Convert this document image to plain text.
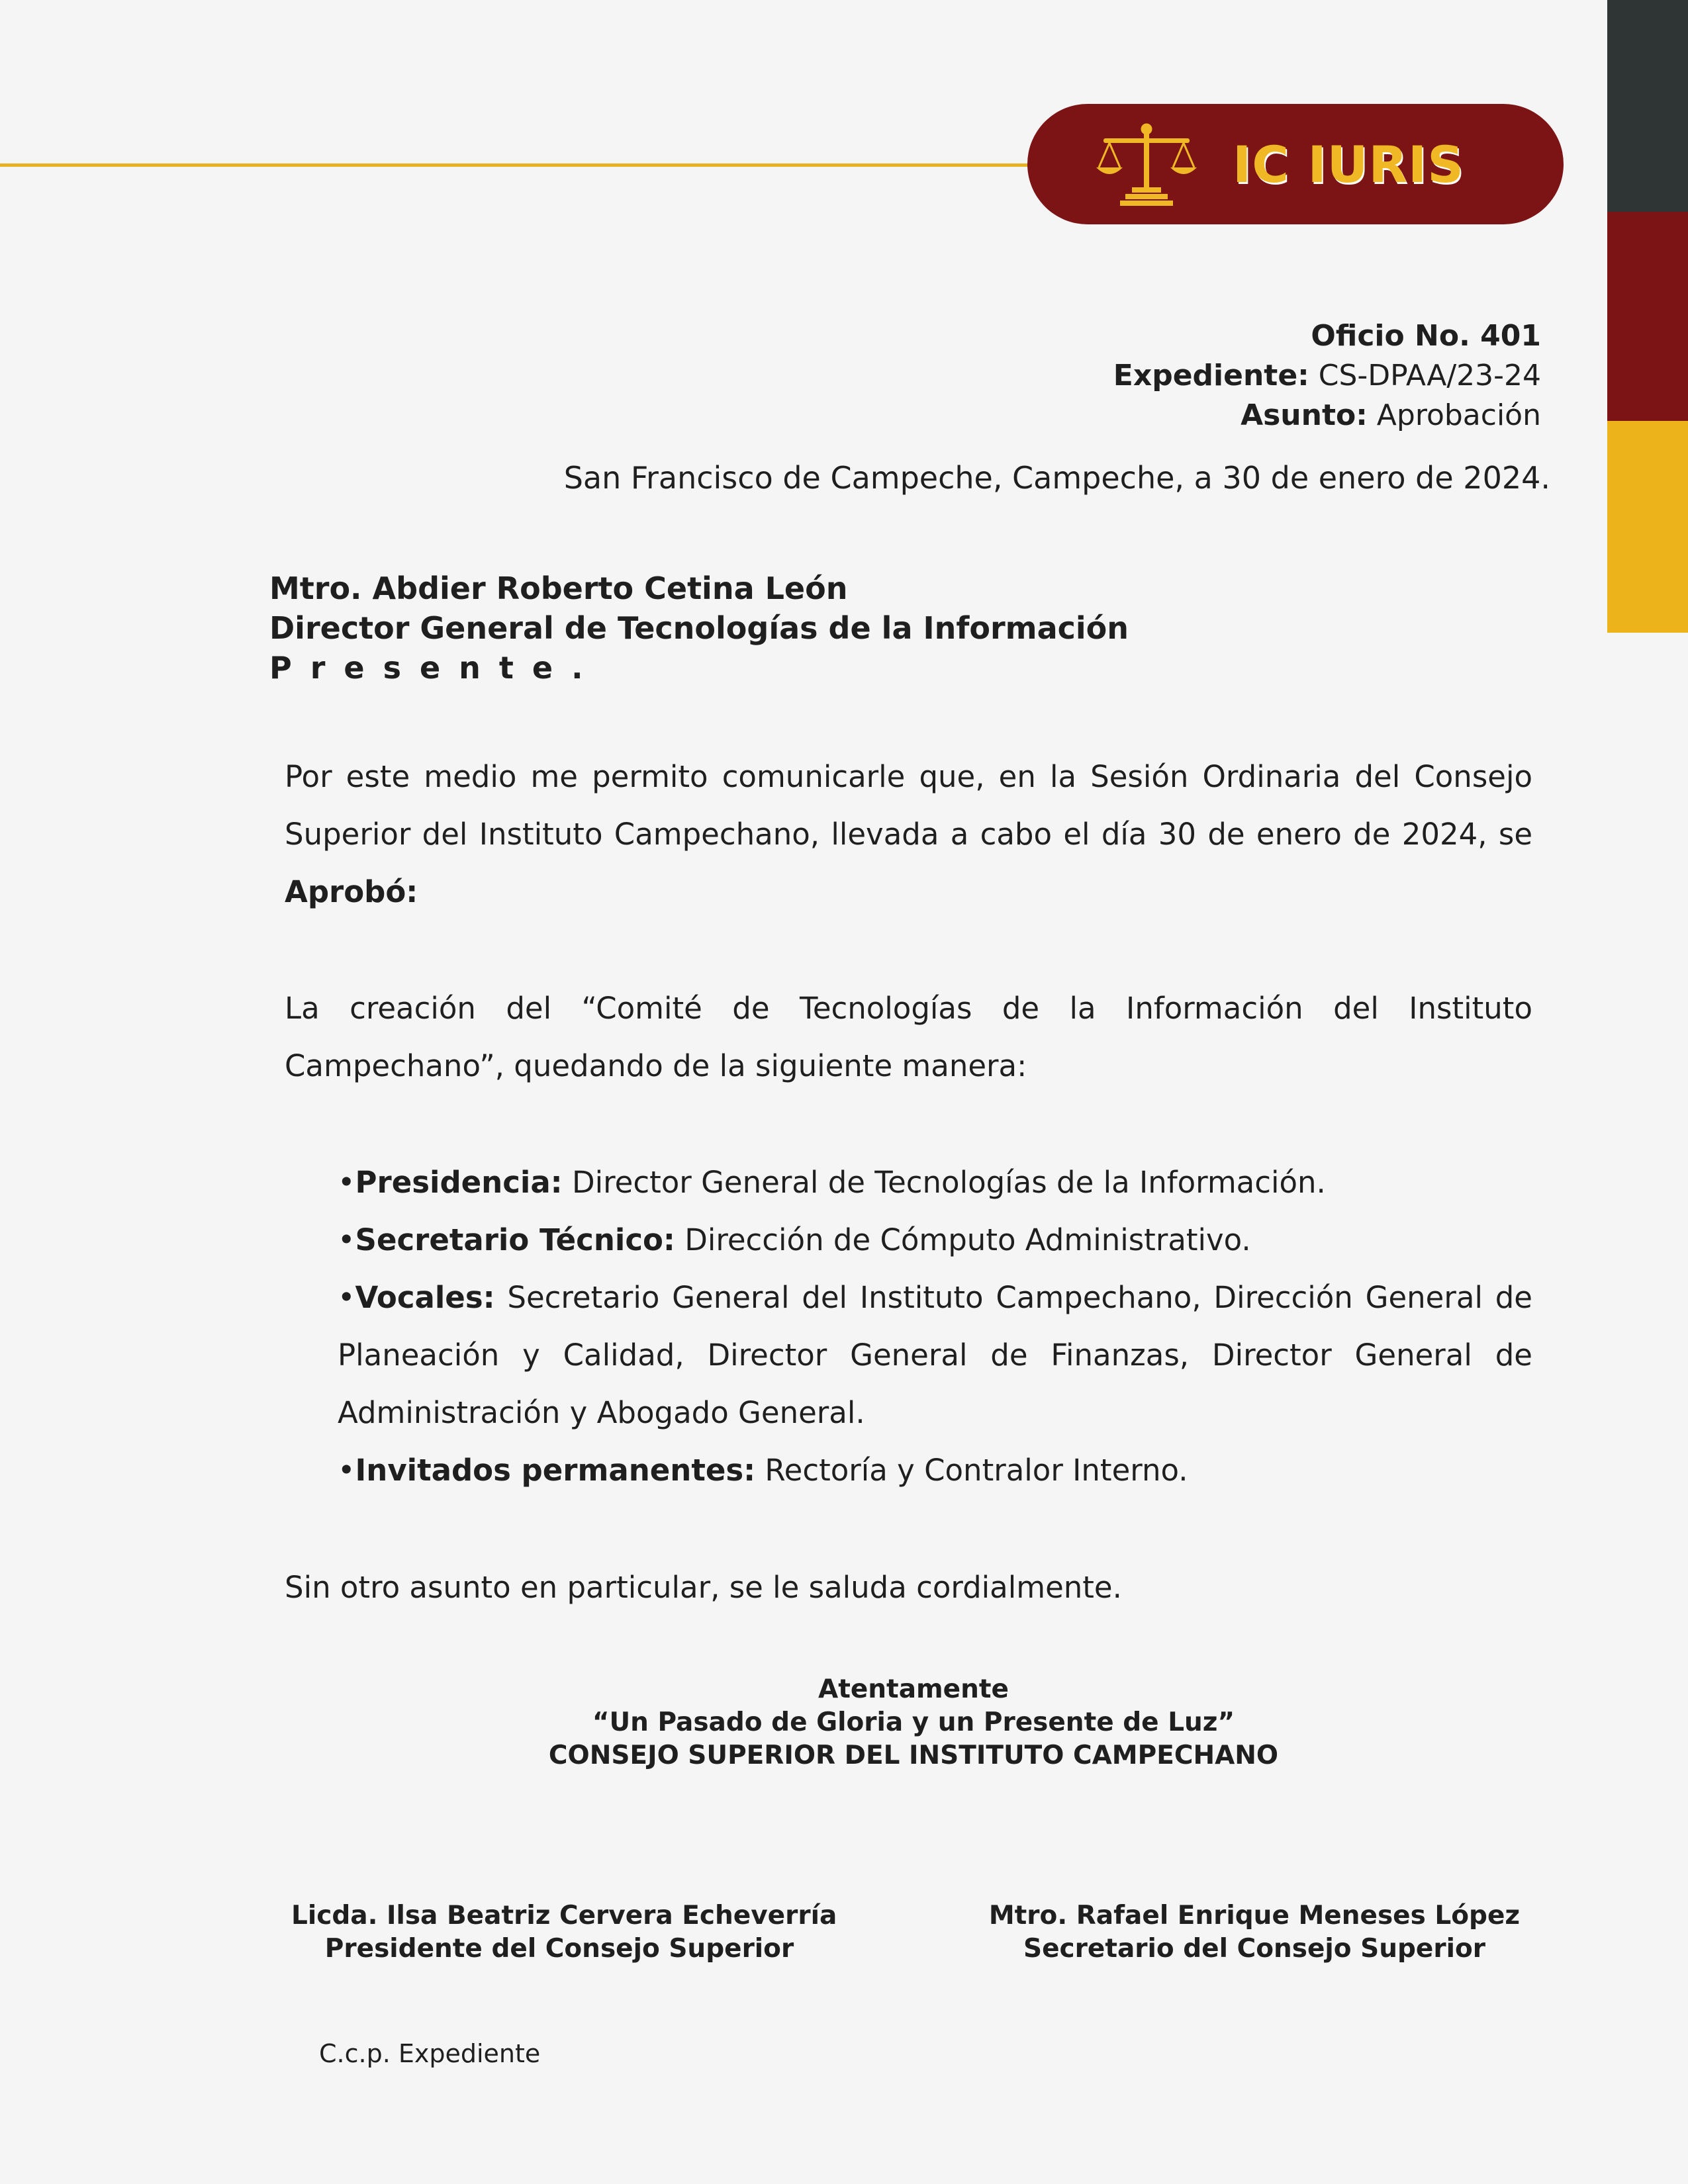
IC IURIS
Oficio No. 401
Expediente: CS-DPAA/23-24
Asunto: Aprobación
San Francisco de Campeche, Campeche, a 30 de enero de 2024.
Mtro. Abdier Roberto Cetina León
Director General de Tecnologías de la Información
Presente.
Por este medio me permito comunicarle que, en la Sesión Ordinaria del Consejo Superior del Instituto Campechano, llevada a cabo el día 30 de enero de 2024, se Aprobó:
La creación del “Comité de Tecnologías de la Información del Instituto Campechano”, quedando de la siguiente manera:

•Presidencia: Director General de Tecnologías de la Información.

•Secretario Técnico: Dirección de Cómputo Administrativo.

•Vocales: Secretario General del Instituto Campechano, Dirección General de Planeación y Calidad, Director General de Finanzas, Director General de Administración y Abogado General.

•Invitados permanentes: Rectoría y Contralor Interno.

Sin otro asunto en particular, se le saluda cordialmente.
Atentamente
“Un Pasado de Gloria y un Presente de Luz”
CONSEJO SUPERIOR DEL INSTITUTO CAMPECHANO
Licda. Ilsa Beatriz Cervera Echeverría
Presidente del Consejo Superior
Mtro. Rafael Enrique Meneses López
Secretario del Consejo Superior
C.c.p. Expediente
